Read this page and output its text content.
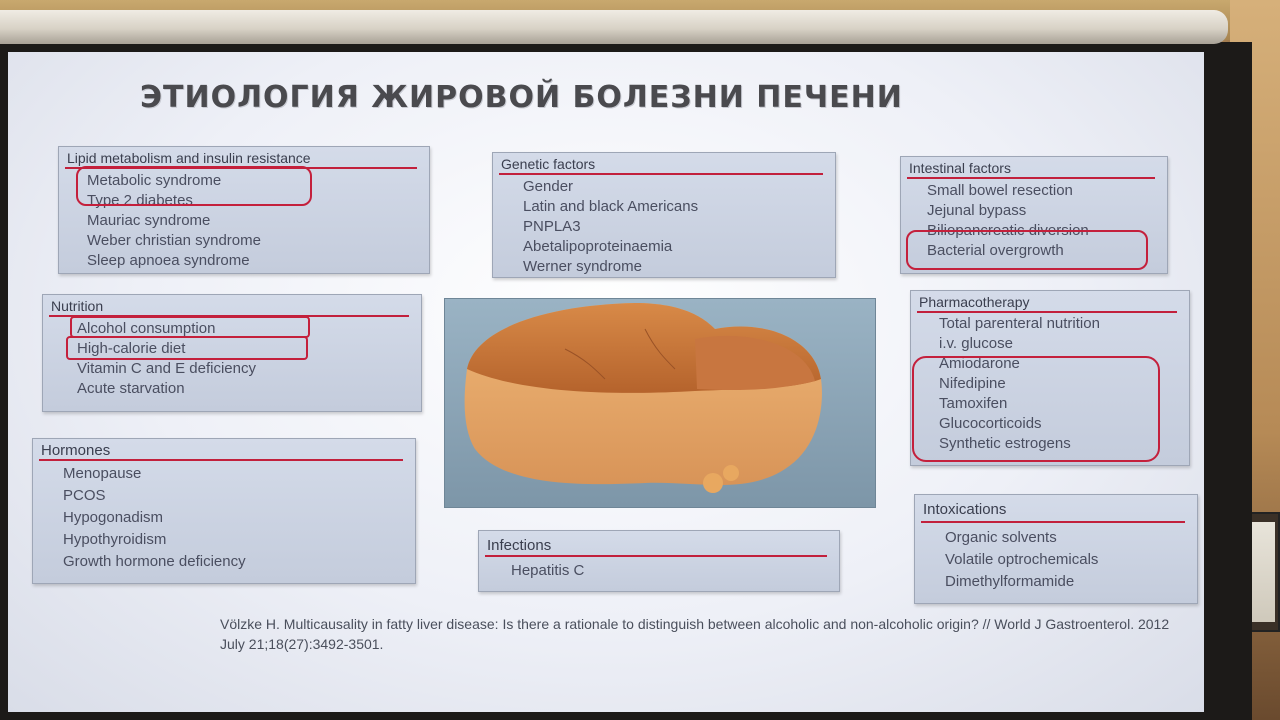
ЭТИОЛОГИЯ ЖИРОВОЙ БОЛЕЗНИ ПЕЧЕНИ
Lipid metabolism and insulin resistance
Metabolic syndrome
Type 2 diabetes
Mauriac syndrome
Weber christian syndrome
Sleep apnoea syndrome
Genetic factors
Gender
Latin and black Americans
PNPLA3
Abetalipoproteinaemia
Werner syndrome
Intestinal factors
Small bowel resection
Jejunal bypass
Biliopancreatic diversion
Bacterial overgrowth
Nutrition
Alcohol consumption
High-calorie diet
Vitamin C and E deficiency
Acute starvation
Pharmacotherapy
Total parenteral nutrition
i.v. glucose
Amiodarone
Nifedipine
Tamoxifen
Glucocorticoids
Synthetic estrogens
Hormones
Menopause
PCOS
Hypogonadism
Hypothyroidism
Growth hormone deficiency
Infections
Hepatitis C
Intoxications
Organic solvents
Volatile optrochemicals
Dimethylformamide
Völzke H. Multicausality in fatty liver disease: Is there a rationale to distinguish between alcoholic and non-alcoholic origin? // World J Gastroenterol. 2012 July 21;18(27):3492-3501.
